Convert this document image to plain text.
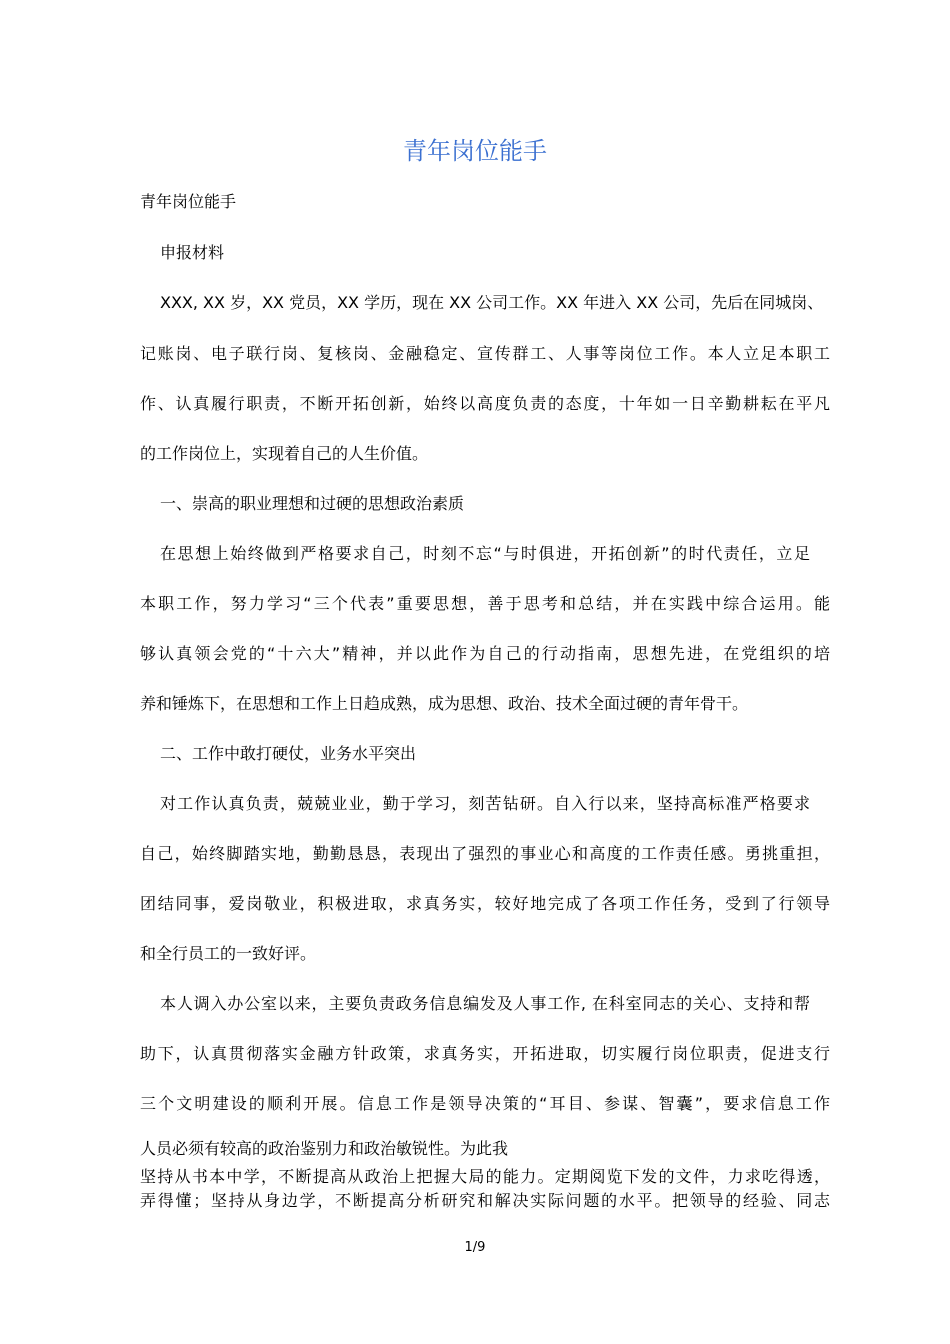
青年岗位能手
青年岗位能手
申报材料
XXX, XX 岁，XX 党员，XX 学历，现在 XX 公司工作。XX 年进入 XX 公司，先后在同城岗、
记账岗、电子联行岗、复核岗、金融稳定、宣传群工、人事等岗位工作。本人立足本职工
作、认真履行职责，不断开拓创新，始终以高度负责的态度，十年如一日辛勤耕耘在平凡
的工作岗位上，实现着自己的人生价值。
一、崇高的职业理想和过硬的思想政治素质
在思想上始终做到严格要求自己，时刻不忘“与时俱进，开拓创新”的时代责任，立足
本职工作，努力学习“三个代表”重要思想，善于思考和总结，并在实践中综合运用。能
够认真领会党的“十六大”精神，并以此作为自己的行动指南，思想先进，在党组织的培
养和锤炼下，在思想和工作上日趋成熟，成为思想、政治、技术全面过硬的青年骨干。
二、工作中敢打硬仗，业务水平突出
对工作认真负责，兢兢业业，勤于学习，刻苦钻研。自入行以来，坚持高标准严格要求
自己，始终脚踏实地，勤勤恳恳，表现出了强烈的事业心和高度的工作责任感。勇挑重担，
团结同事，爱岗敬业，积极进取，求真务实，较好地完成了各项工作任务，受到了行领导
和全行员工的一致好评。
本人调入办公室以来，主要负责政务信息编发及人事工作, 在科室同志的关心、支持和帮
助下，认真贯彻落实金融方针政策，求真务实，开拓进取，切实履行岗位职责，促进支行
三个文明建设的顺利开展。信息工作是领导决策的“耳目、参谋、智囊”，要求信息工作
人员必须有较高的政治鉴别力和政治敏锐性。为此我
坚持从书本中学，不断提高从政治上把握大局的能力。定期阅览下发的文件，力求吃得透，
弄得懂；坚持从身边学，不断提高分析研究和解决实际问题的水平。把领导的经验、同志
1/9
